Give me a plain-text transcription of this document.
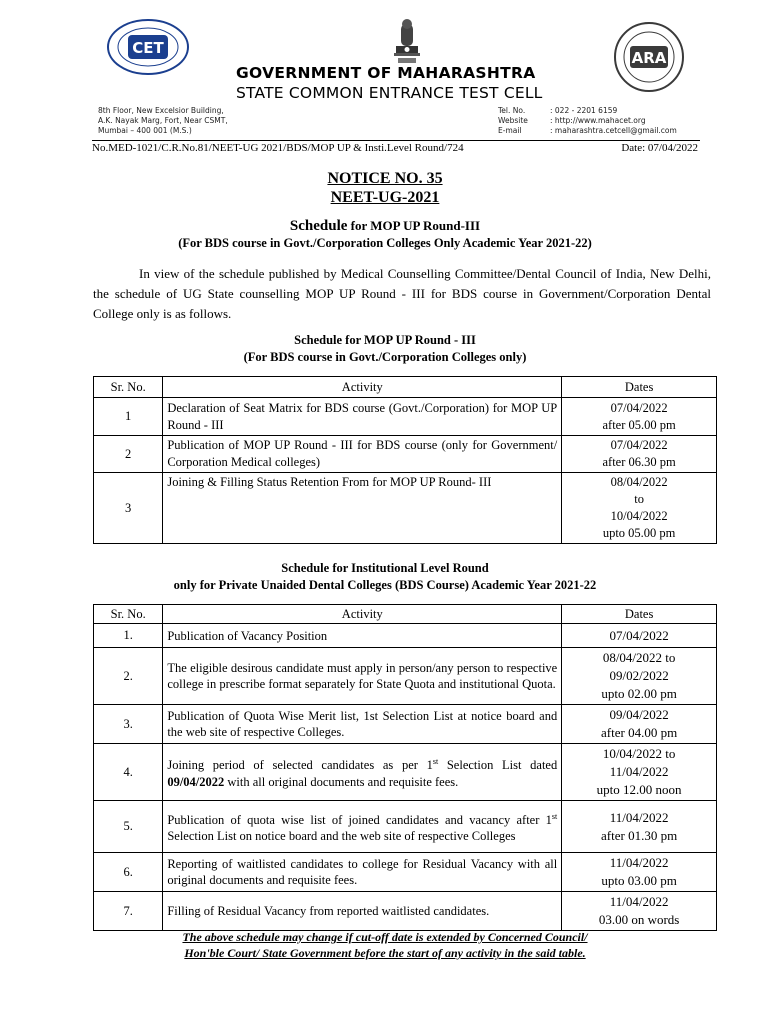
CET
ARA
GOVERNMENT OF MAHARASHTRA
STATE COMMON ENTRANCE TEST CELL
8th Floor, New Excelsior Building,
A.K. Nayak Marg, Fort, Near CSMT,
Mumbai – 400 001 (M.S.)
Tel. No.	: 022 - 2201 6159
Website	: http://www.mahacet.org
E-mail	: maharashtra.cetcell@gmail.com
No.MED-1021/C.R.No.81/NEET-UG 2021/BDS/MOP UP & Insti.Level Round/724	Date: 07/04/2022
NOTICE NO. 35
NEET-UG-2021
Schedule for MOP UP Round-III
(For BDS course in Govt./Corporation Colleges Only Academic Year 2021-22)

In view of the schedule published by Medical Counselling Committee/Dental Council of India, New Delhi, the schedule of UG State counselling MOP UP Round - III for BDS course in Government/Corporation Dental College only is as follows.

Schedule for MOP UP Round - III
(For BDS course in Govt./Corporation Colleges only)
Sr. No.	Activity	Dates
1	Declaration of Seat Matrix for BDS course (Govt./Corporation) for MOP UP Round - III	07/04/2022
after 05.00 pm

2	Publication of MOP UP Round - III for BDS course (only for Government/ Corporation Medical colleges)	07/04/2022
after 06.30 pm

3	Joining & Filling Status Retention From for MOP UP Round- III	08/04/2022
to
10/04/2022
upto 05.00 pm
Schedule for Institutional Level Round
only for Private Unaided Dental Colleges (BDS Course) Academic Year 2021-22
Sr. No.	Activity	Dates
1.	Publication of Vacancy Position	07/04/2022

2.	The eligible desirous candidate must apply in person/any person to respective college in prescribe format separately for State Quota and institutional Quota.	08/04/2022 to
09/02/2022
upto 02.00 pm

3.	Publication of Quota Wise Merit list, 1st Selection List at notice board and the web site of respective Colleges.	09/04/2022
after 04.00 pm

4.	Joining period of selected candidates as per 1st Selection List dated 09/04/2022 with all original documents and requisite fees.	10/04/2022 to
11/04/2022
upto 12.00 noon

5.	Publication of quota wise list of joined candidates and vacancy after 1st Selection List on notice board and the web site of respective Colleges	11/04/2022
after 01.30 pm

6.	Reporting of waitlisted candidates to college for Residual Vacancy with all original documents and requisite fees.	11/04/2022
upto 03.00 pm

7.	Filling of Residual Vacancy from reported waitlisted candidates.	11/04/2022
03.00 on words
The above schedule may change if cut-off date is extended by Concerned Council/
Hon'ble Court/ State Government before the start of any activity in the said table.
